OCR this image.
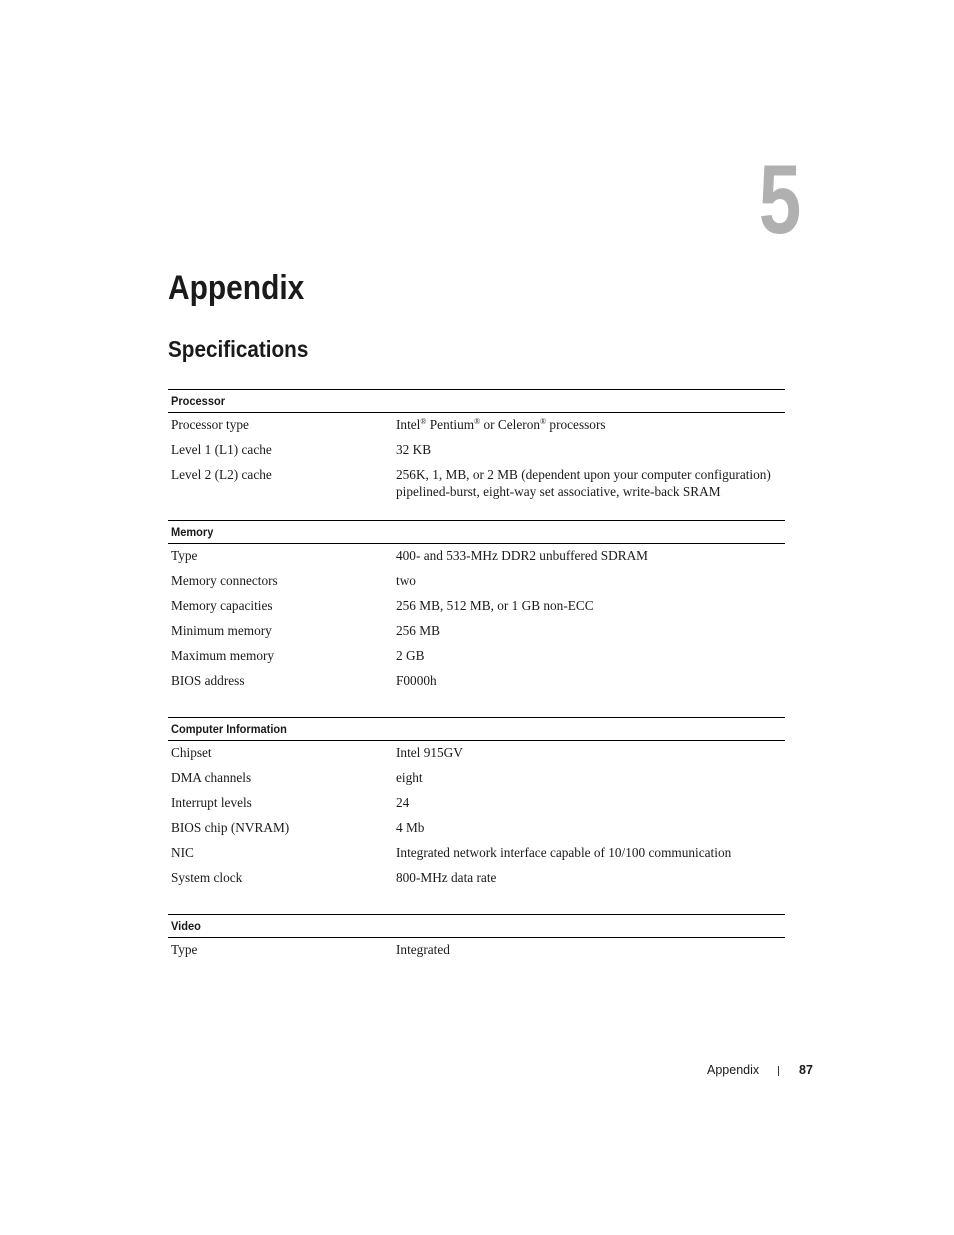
5
Appendix
Specifications
Processor
Processor type	Intel® Pentium® or Celeron® processors
Level 1 (L1) cache	32 KB
Level 2 (L2) cache	256K, 1, MB, or 2 MB (dependent upon your computer configuration) pipelined-burst, eight-way set associative, write-back SRAM
Memory
Type	400- and 533-MHz DDR2 unbuffered SDRAM
Memory connectors	two
Memory capacities	256 MB, 512 MB, or 1 GB non-ECC
Minimum memory	256 MB
Maximum memory	2 GB
BIOS address	F0000h
Computer Information
Chipset	Intel 915GV
DMA channels	eight
Interrupt levels	24
BIOS chip (NVRAM)	4 Mb
NIC	Integrated network interface capable of 10/100 communication
System clock	800-MHz data rate
Video
Type	Integrated
Appendix	87
